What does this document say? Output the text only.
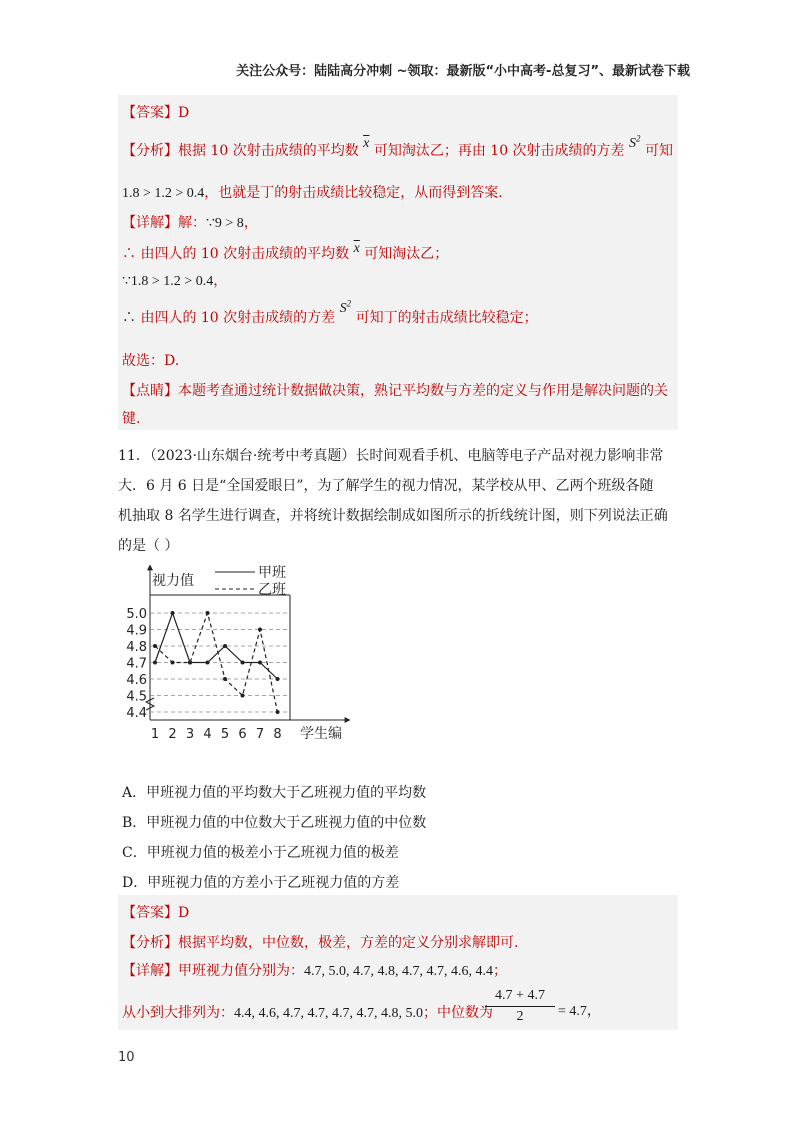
关注公众号：陆陆高分冲刺 ~领取：最新版“小中高考-总复习”、最新试卷下载
【答案】D
【分析】根据 10 次射击成绩的平均数 $\overline{x}$ 可知淘汰乙；再由 10 次射击成绩的方差 $S^2$ 可知
1.8 > 1.2 > 0.4，也就是丁的射击成绩比较稳定，从而得到答案.
【详解】解：∵9 > 8，
∴ 由四人的 10 次射击成绩的平均数 $\overline{x}$ 可知淘汰乙；
∵1.8 > 1.2 > 0.4，
∴ 由四人的 10 次射击成绩的方差 $S^2$ 可知丁的射击成绩比较稳定；
故选：D.
【点睛】本题考查通过统计数据做决策，熟记平均数与方差的定义与作用是解决问题的关
键.
11．（2023·山东烟台·统考中考真题）长时间观看手机、电脑等电子产品对视力影响非常
大．6 月 6 日是“全国爱眼日”，为了解学生的视力情况，某学校从甲、乙两个班级各随
机抽取 8 名学生进行调查，并将统计数据绘制成如图所示的折线统计图，则下列说法正确
的是（ ）
5.0
4.9
4.8
4.7
4.6
4.5
4.4
1 2 3 4 5 6 7 8
视力值
学生编
甲班
乙班
A．甲班视力值的平均数大于乙班视力值的平均数
B．甲班视力值的中位数大于乙班视力值的中位数
C．甲班视力值的极差小于乙班视力值的极差
D．甲班视力值的方差小于乙班视力值的方差
【答案】D
【分析】根据平均数，中位数，极差，方差的定义分别求解即可.
【详解】甲班视力值分别为：4.7, 5.0, 4.7, 4.8, 4.7, 4.7, 4.6, 4.4；
从小到大排列为：4.4, 4.6, 4.7, 4.7, 4.7, 4.7, 4.8, 5.0；中位数为
$\frac{4.7 + 4.7}{2} = 4.7$，
10
